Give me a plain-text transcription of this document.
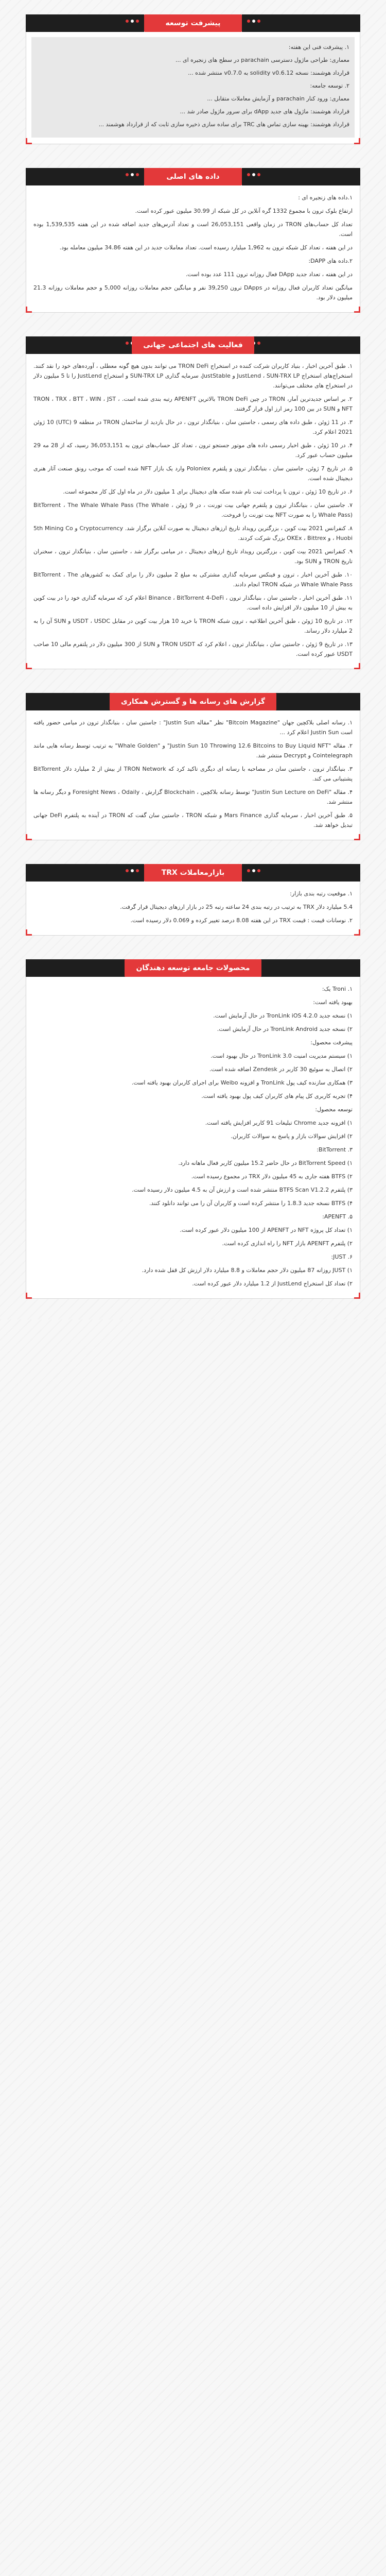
پیشرفت توسعه

۱. پیشرفت فنی این هفته:

معماری: طراحی ماژول دسترسی parachain در سطح های زنجیره ای ...

قرارداد هوشمند: نسخه solidity v0.6.12 به v0.7.0 منتشر شده ...

۲. توسعه جامعه:

معماری: ورود کنار parachain و آزمایش معاملات متقابل ...

قرارداد هوشمند: ماژول های جدید dApp برای سرور ماژول صادر شد ...

قرارداد هوشمند: بهینه سازی تماس های TRC برای ساده سازی ذخیره سازی ثابت که از قرارداد هوشمند ...

داده های اصلی

۱.داده های زنجیره ای :

ارتفاع بلوک ترون با مجموع 1332 گره آنلاین در کل شبکه از 30.99 میلیون عبور کرده است.

تعداد کل حساب‌های TRON در زمان واقعی 26,053,151 است و تعداد آدرس‌های جدید اضافه شده در این هفته 1,539,535 بوده است.

در این هفته ، تعداد کل شبکه ترون به 1,962 میلیارد رسیده است. تعداد معاملات جدید در این هفته 34.86 میلیون معامله بود.

۲.داده های DAPP:

در این هفته ، تعداد جدید DApp فعال روزانه ترون 111 عدد بوده است.

میانگین تعداد کاربران فعال روزانه در DApps ترون 39,250 نفر و میانگین حجم معاملات روزانه 5,000 و حجم معاملات روزانه 21.3 میلیون دلار بود.

فعالیت های اجتماعی جهانی

۱. طبق آخرین اخبار ، بنیاد کاربران شرکت کننده در استخراج TRON DeFi می توانند بدون هیچ گونه معطلی ، آورده‌های خود را نقد کنند. استخراج‌های استخراج JustLend ، SUN-TRX LP و JustStable، سرمایه گذاری SUN-TRX LP و استخراج JustLend را تا 5 میلیون دلار در استخراج های مختلف می‌توانند.

۲. بر اساس جدیدترین آمار، TRON در چین TRON DeFi بالاترین APENFT رتبه بندی شده است. TRON ، TRX ، BTT ، WIN ، JST ، NFT و SUN در بین 100 رمز ارز اول قرار گرفتند.

۳. در 11 ژوئن ، طبق داده های رسمی ، جاستین سان ، بنیانگذار ترون ، در حال بازدید از ساختمان TRON در منطقه 9 (UTC) 10 ژوئن 2021 اعلام کرد.

۴. در 10 ژوئن ، طبق اخبار رسمی داده های موتور جستجو ترون ، تعداد کل حساب‌های ترون به 36,053,151 رسید، که از 28 مه 29 میلیون حساب عبور کرد.

۵. در تاریخ 7 ژوئن، جاستین سان ، بنیانگذار ترون و پلتفرم Poloniex وارد یک بازار NFT شده است که موجب رونق صنعت آثار هنری دیجیتال شده است.

۶. در تاریخ 10 ژوئن ، ترون با پرداخت ثبت نام شده سکه های دیجیتال برای 1 میلیون دلار در ماه اول کل کار مجموعه است.

۷. جاستین سان ، بنیانگذار ترون و پلتفرم جهانی بیت تورنت ، در 9 ژوئن ، BitTorrent ، The Whale Whale Pass (The Whale Whale Pass) را به صورت NFT بیت تورنت را فروخت.

۸. کنفرانس 2021 بیت کوین ، بزرگترین رویداد تاریخ ارزهای دیجیتال به صورت آنلاین برگزار شد. Cryptocurrency و 5th Mining Co ، Huobi و OKEx ، Bittrex بزرگ شرکت کردند.

۹. کنفرانس 2021 بیت کوین ، بزرگترین رویداد تاریخ ارزهای دیجیتال ، در میامی برگزار شد ، جاستین سان ، بنیانگذار ترون ، سخنران تاریخ TRON و SUN بود.

۱۰. طبق آخرین اخبار ، ترون و فینکس سرمایه گذاری مشترکی به مبلغ 2 میلیون دلار را برای کمک به کشورهای BitTorrent ، The Whale Whale Pass در شبکه TRON انجام دادند.

۱۱. طبق آخرین اخبار ، جاستین سان ، بنیانگذار ترون ، Binance ، BitTorrent 4-DeFi اعلام کرد که سرمایه گذاری خود را در بیت کوین به بیش از 10 میلیون دلار افزایش داده است.

۱۲. در تاریخ 10 ژوئن ، طبق آخرین اطلاعیه ، ترون شبکه TRON با خرید 10 هزار بیت کوین در مقابل USDT ، USDC و SUN آن را به 2 میلیارد دلار رساند.

۱۳. در تاریخ 9 ژوئن ، جاستین سان ، بنیانگذار ترون ، اعلام کرد که TRON USDT و SUN از 300 میلیون دلار در پلتفرم مالی 10 صاحب USDT عبور کرده است.

گزارش های رسانه ها و گسترش همکاری

۱. رسانه اصلی بلاکچین جهان "Bitcoin Magazine" نظر "مقاله Justin Sun" : جاستین سان ، بنیانگذار ترون در میامی حضور یافته است Justin Sun اعلام کرد ...

۲. مقاله "Justin Sun 10 Throwing 12.6 Bitcoins to Buy Liquid NFT" و "Whale Golden" به ترتیب توسط رسانه هایی مانند Cointelegraph و Decrypt منتشر شد.

۳. بنیانگذار ترون ، جاستین سان در مصاحبه با رسانه ای دیگری تاکید کرد که TRON Network از بیش از 2 میلیارد دلار BitTorrent پشتیبانی می کند.

۴. مقاله "Justin Sun Lecture on DeFi" توسط رسانه بلاکچین ، Blockchain گزارش ، Foresight News ، Odaily و دیگر رسانه ها منتشر شد.

۵. طبق آخرین اخبار ، سرمایه گذاری Mars Finance و شبکه TRON ، جاستین سان گفت که TRON در آینده به پلتفرم DeFi جهانی تبدیل خواهد شد.

بازارمعاملات TRX

۱. موقعیت رتبه بندی بازار:

5.4 میلیارد دلار TRX به ترتیب در رتبه بندی 24 ساعته رتبه 25 در بازار ارزهای دیجیتال قرار گرفت.

۲. نوسانات قیمت : قیمت TRX در این هفته 8.08 درصد تغییر کرده و 0.069 دلار رسیده است.

محصولات جامعه توسعه دهندگان

۱. Troni یک:

بهبود یافته است:

۱) نسخه جدید TronLink iOS 4.2.0 در حال آزمایش است.

۲) نسخه جدید TronLink Android در حال آزمایش است.

پیشرفت محصول:

۱) سیستم مدیریت امنیت TronLink 3.0 در حال بهبود است.

۲) اتصال به سوئیچ 30 کاربر در Zendesk اضافه شده است.

۳) همکاری سازنده کیف پول TronLink و افزونه Weibo برای اجرای کاربران بهبود یافته است.

۴) تجربه کاربری کل پیام های کاربران کیف پول بهبود یافته است.

توسعه محصول:

۱) افزونه جدید Chrome تبلیغات 91 کاربر افزایش یافته است.

۲) افزایش سوالات بازار و پاسخ به سوالات کاربران.

۳. BitTorrent:

۱) BitTorrent Speed در حال حاضر 15.2 میلیون کاربر فعال ماهانه دارد.

۲) BTFS هفته جاری به 45 میلیون دلار TRX در مجموع رسیده است.

۳) پلتفرم BTFS Scan V1.2.2 منتشر شده است و ارزش آن به 4.5 میلیون دلار رسیده است.

۴) BTFS نسخه جدید 1.8.3 را منتشر کرده است و کاربران آن را می توانند دانلود کنند.

۵. APENFT:

۱) تعداد کل پروژه NFT در APENFT از 100 میلیون دلار عبور کرده است.

۲) پلتفرم APENFT بازار NFT را راه اندازی کرده است.

۶. JUST:

۱) JUST روزانه 87 میلیون دلار حجم معاملات و 8.8 میلیارد دلار ارزش کل قفل شده دارد.

۲) تعداد کل استخراج JustLend از 1.2 میلیارد دلار عبور کرده است.
